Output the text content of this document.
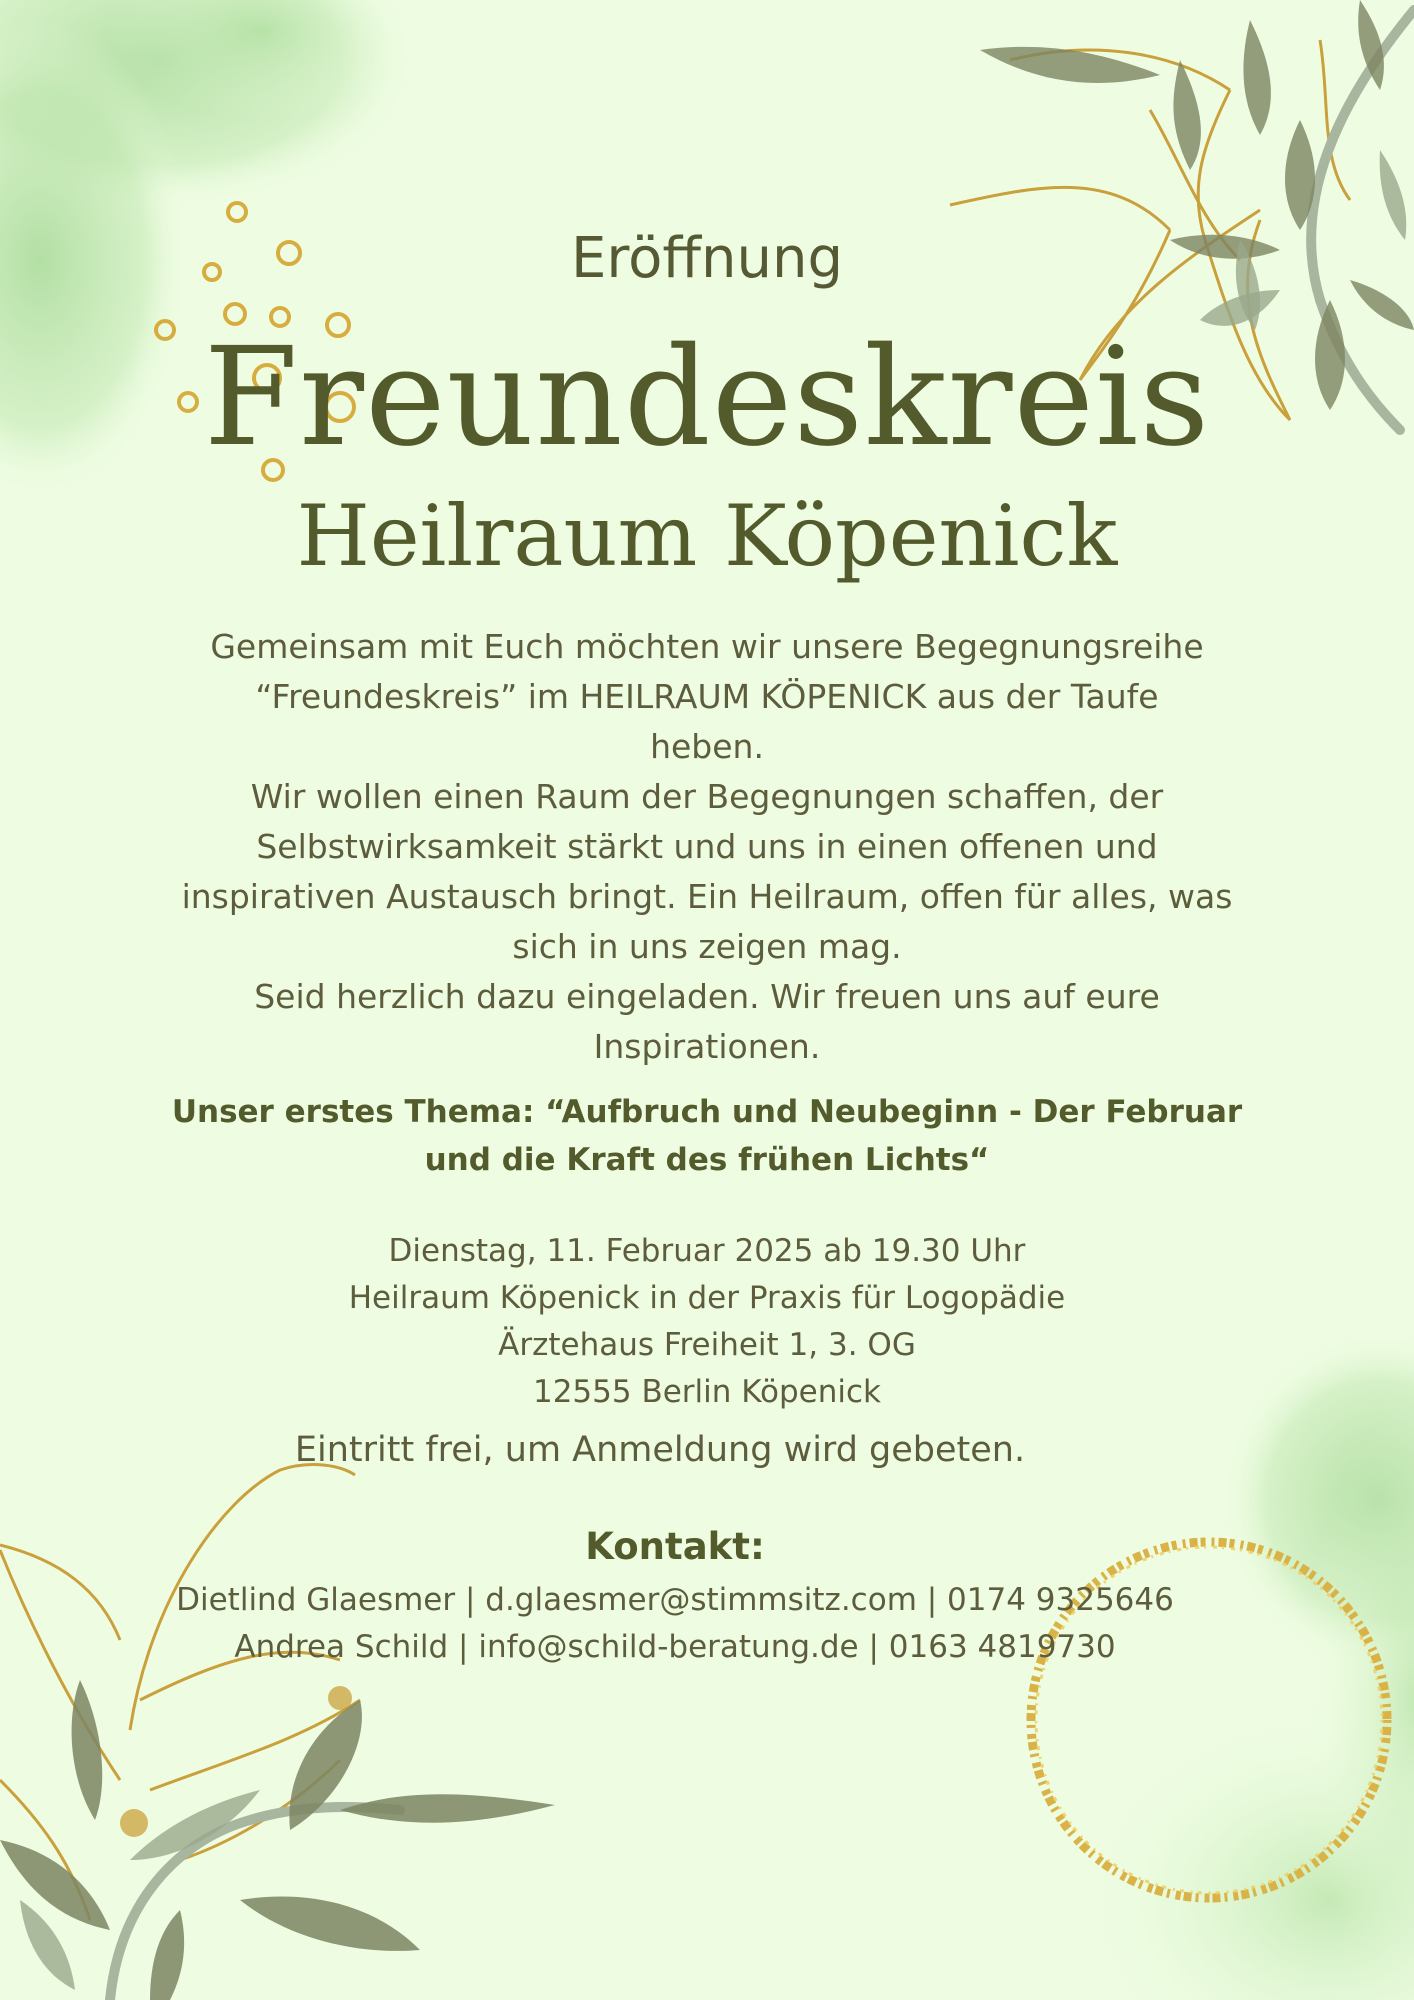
Eröffnung
Freundeskreis
Heilraum Köpenick

Gemeinsam mit Euch möchten wir unsere Begegnungsreihe

“Freundeskreis” im HEILRAUM KÖPENICK aus der Taufe

heben.

Wir wollen einen Raum der Begegnungen schaffen, der

Selbstwirksamkeit stärkt und uns in einen offenen und

inspirativen Austausch bringt. Ein Heilraum, offen für alles, was

sich in uns zeigen mag.

Seid herzlich dazu eingeladen. Wir freuen uns auf eure

Inspirationen.

Unser erstes Thema: “Aufbruch und Neubeginn - Der Februar
und die Kraft des frühen Lichts“
Dienstag, 11. Februar 2025 ab 19.30 Uhr
Heilraum Köpenick in der Praxis für Logopädie
Ärztehaus Freiheit 1, 3. OG
12555 Berlin Köpenick
Eintritt frei, um Anmeldung wird gebeten.
Kontakt:
Dietlind Glaesmer | d.glaesmer@stimmsitz.com | 0174 9325646
Andrea Schild | info@schild-beratung.de | 0163 4819730
